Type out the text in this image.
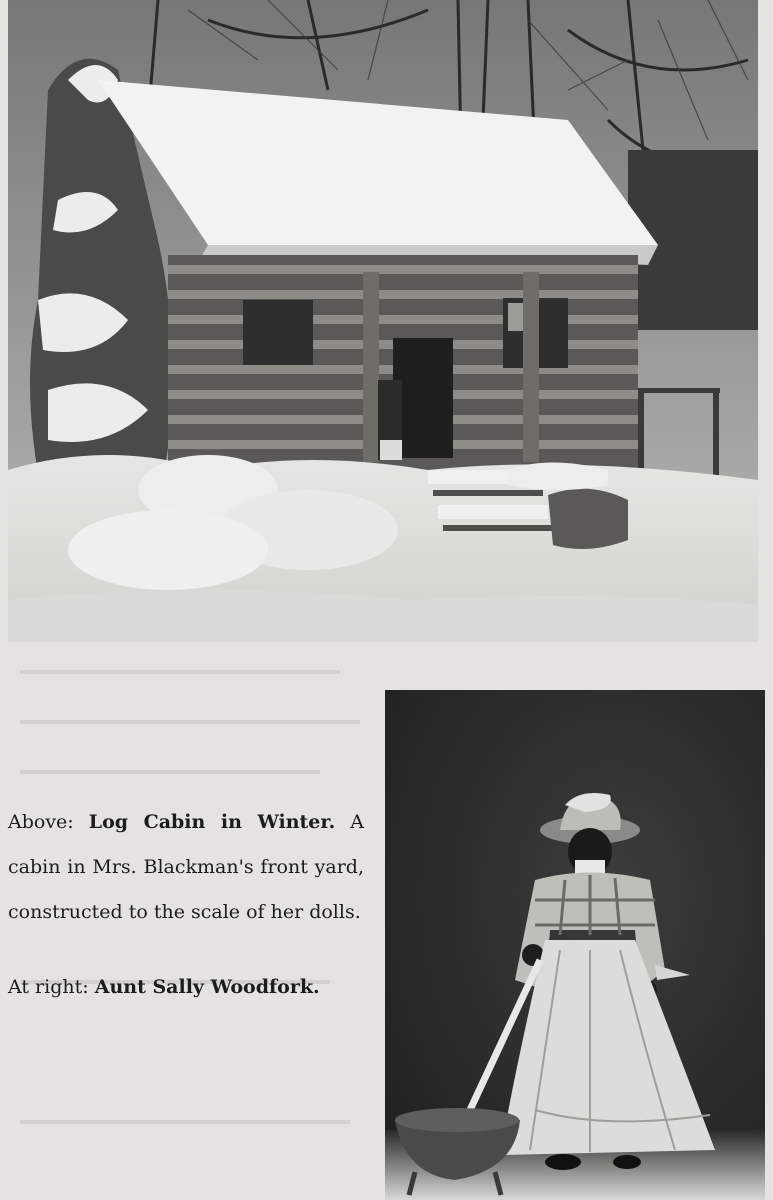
Above: Log Cabin in Winter. A cabin in Mrs. Blackman's front yard, constructed to the scale of her dolls.

At right: Aunt Sally Woodfork.
